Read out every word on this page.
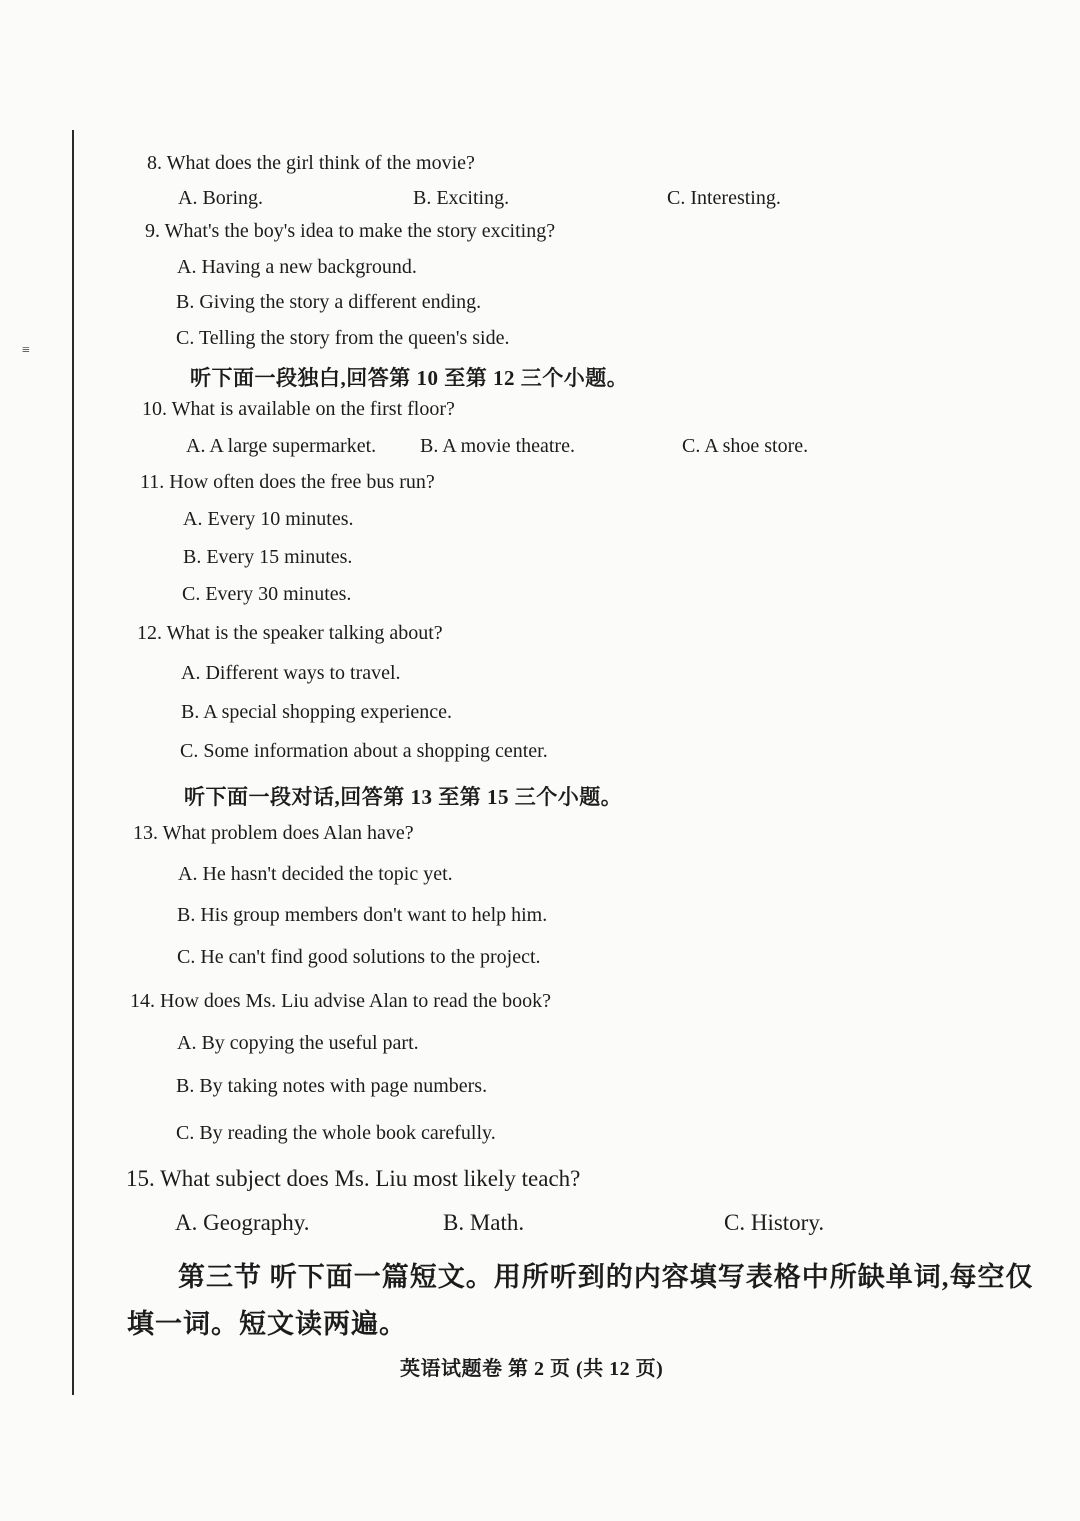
≡
8. What does the girl think of the movie?
A. Boring.	B. Exciting.	C. Interesting.
9. What's the boy's idea to make the story exciting?
A. Having a new background.
B. Giving the story a different ending.
C. Telling the story from the queen's side.
听下面一段独白,回答第 10 至第 12 三个小题。
10. What is available on the first floor?
A. A large supermarket. B. A movie theatre.	C. A shoe store.
11. How often does the free bus run?
A. Every 10 minutes.
B. Every 15 minutes.
C. Every 30 minutes.
12. What is the speaker talking about?
A. Different ways to travel.
B. A special shopping experience.
C. Some information about a shopping center.
听下面一段对话,回答第 13 至第 15 三个小题。
13. What problem does Alan have?
A. He hasn't decided the topic yet.
B. His group members don't want to help him.
C. He can't find good solutions to the project.
14. How does Ms. Liu advise Alan to read the book?
A. By copying the useful part.
B. By taking notes with page numbers.
C. By reading the whole book carefully.
15. What subject does Ms. Liu most likely teach?
A. Geography.	B. Math.	C. History.
第三节 听下面一篇短文。用所听到的内容填写表格中所缺单词,每空仅
填一词。短文读两遍。
英语试题卷 第 2 页 (共 12 页)
